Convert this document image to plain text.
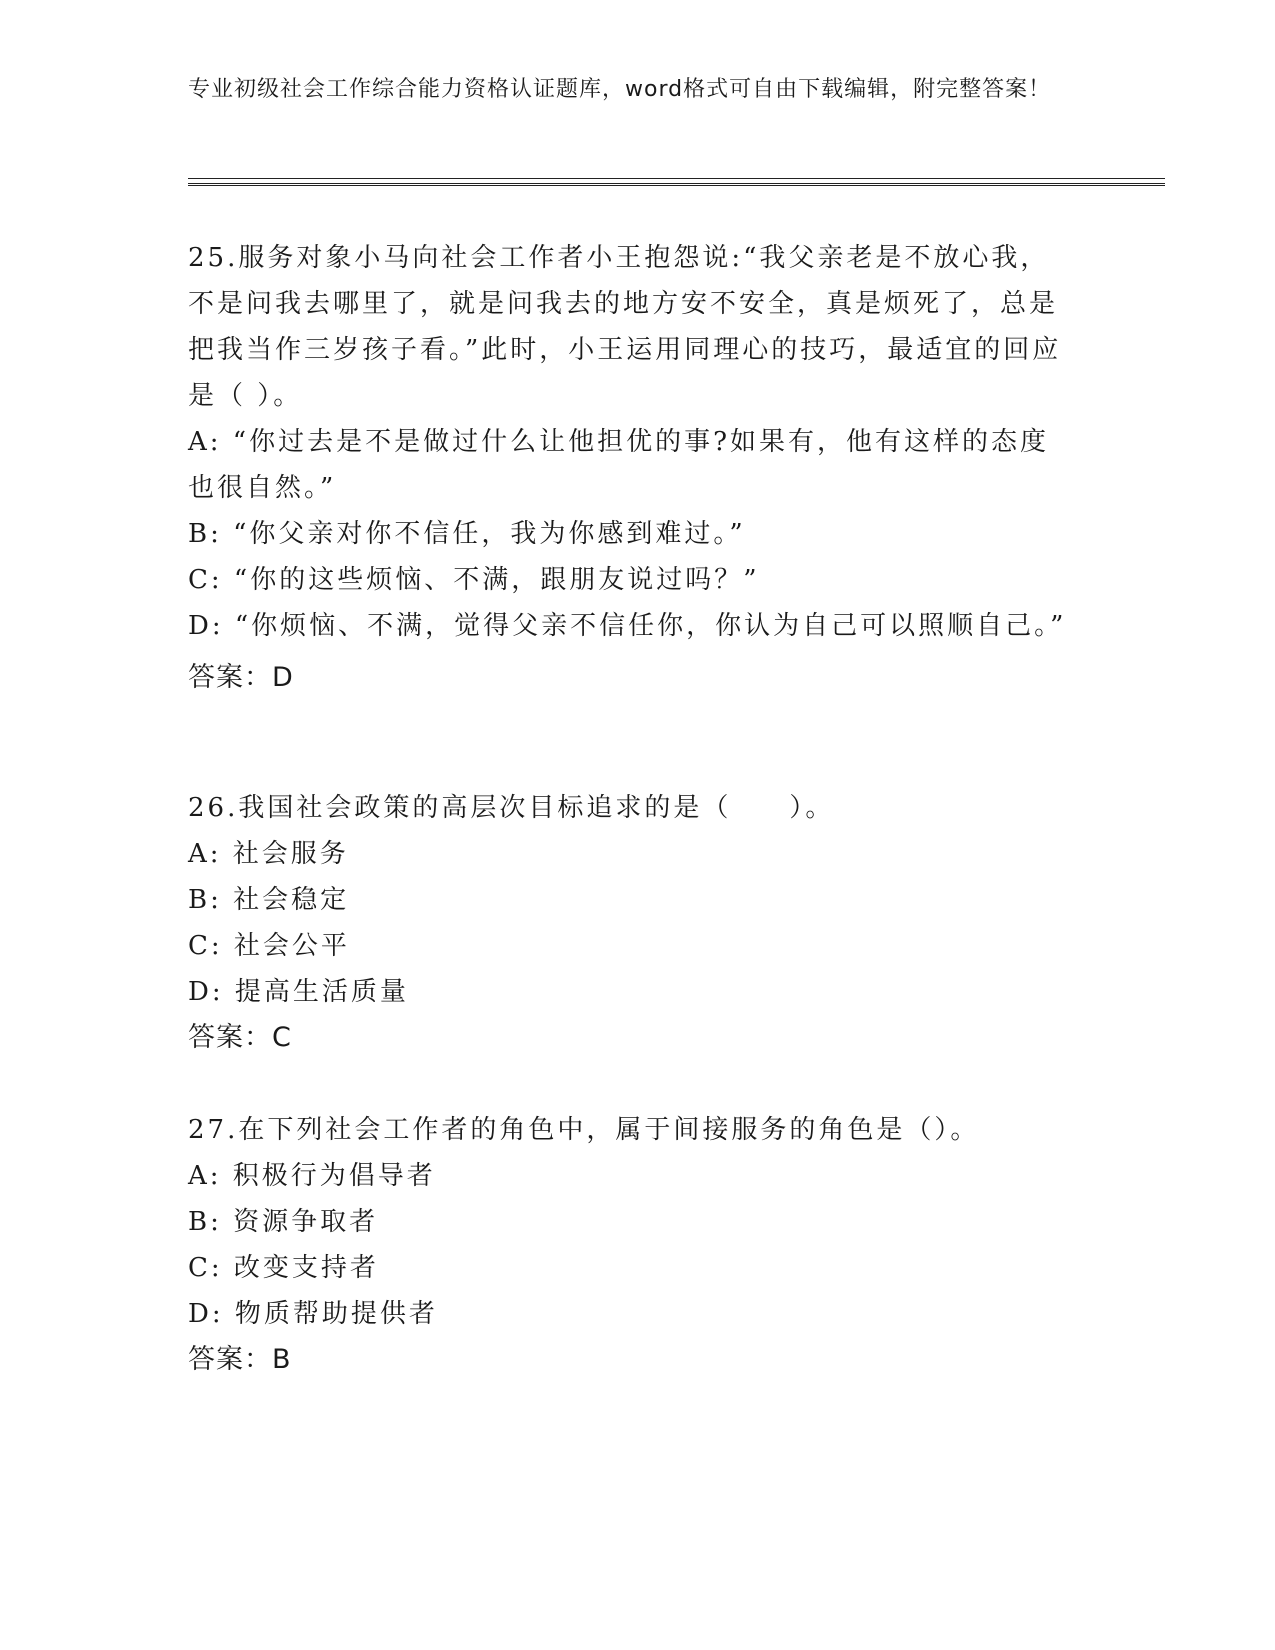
专业初级社会工作综合能力资格认证题库，word格式可自由下载编辑，附完整答案！
25.服务对象小马向社会工作者小王抱怨说:“我父亲老是不放心我，不是问我去哪里了，就是问我去的地方安不安全，真是烦死了，总是把我当作三岁孩子看。”此时，小王运用同理心的技巧，最适宜的回应是（ ）。
A: “你过去是不是做过什么让他担优的事?如果有，他有这样的态度也很自然。”
B: “你父亲对你不信任，我为你感到难过。”
C: “你的这些烦恼、不满，跟朋友说过吗？”
D: “你烦恼、不满，觉得父亲不信任你，你认为自己可以照顺自己。”
答案：D
26.我国社会政策的高层次目标追求的是（　　）。
A: 社会服务
B: 社会稳定
C: 社会公平
D: 提高生活质量
答案：C
27.在下列社会工作者的角色中，属于间接服务的角色是（）。
A: 积极行为倡导者
B: 资源争取者
C: 改变支持者
D: 物质帮助提供者
答案：B
